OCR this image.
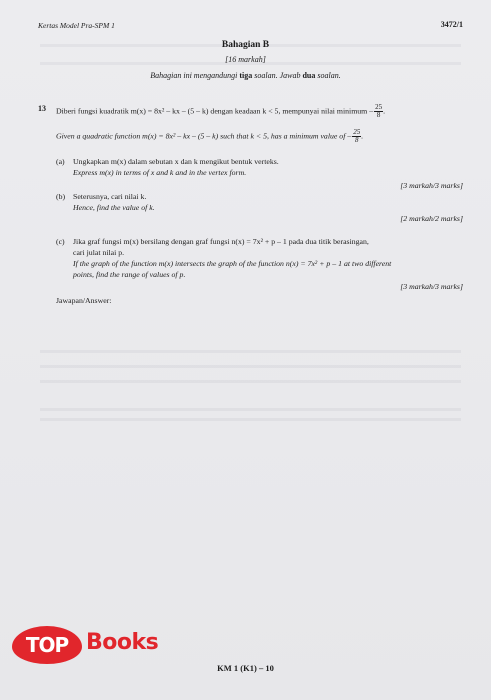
Kertas Model Pra-SPM 1	3472/1
Bahagian B
[16 markah]
Bahagian ini mengandungi tiga soalan. Jawab dua soalan.
13 Diberi fungsi kuadratik m(x) = 8x² – kx – (5 – k) dengan keadaan k < 5, mempunyai nilai minimum – $\frac{25}{8}$ .
Given a quadratic function m(x) = 8x² – kx – (5 – k) such that k < 5, has a minimum value of – $\frac{25}{8}$ .
(a) Ungkapkan m(x) dalam sebutan x dan k mengikut bentuk verteks.
Express m(x) in terms of x and k and in the vertex form.
[3 markah/3 marks]
(b) Seterusnya, cari nilai k.
Hence, find the value of k.
[2 markah/2 marks]
(c) Jika graf fungsi m(x) bersilang dengan graf fungsi n(x) = 7x² + p – 1 pada dua titik berasingan,
cari julat nilai p.
If the graph of the function m(x) intersects the graph of the function n(x) = 7x² + p – 1 at two different
points, find the range of values of p.
[3 markah/3 marks]
Jawapan/Answer:
TOP Books
KM 1 (K1) – 10
